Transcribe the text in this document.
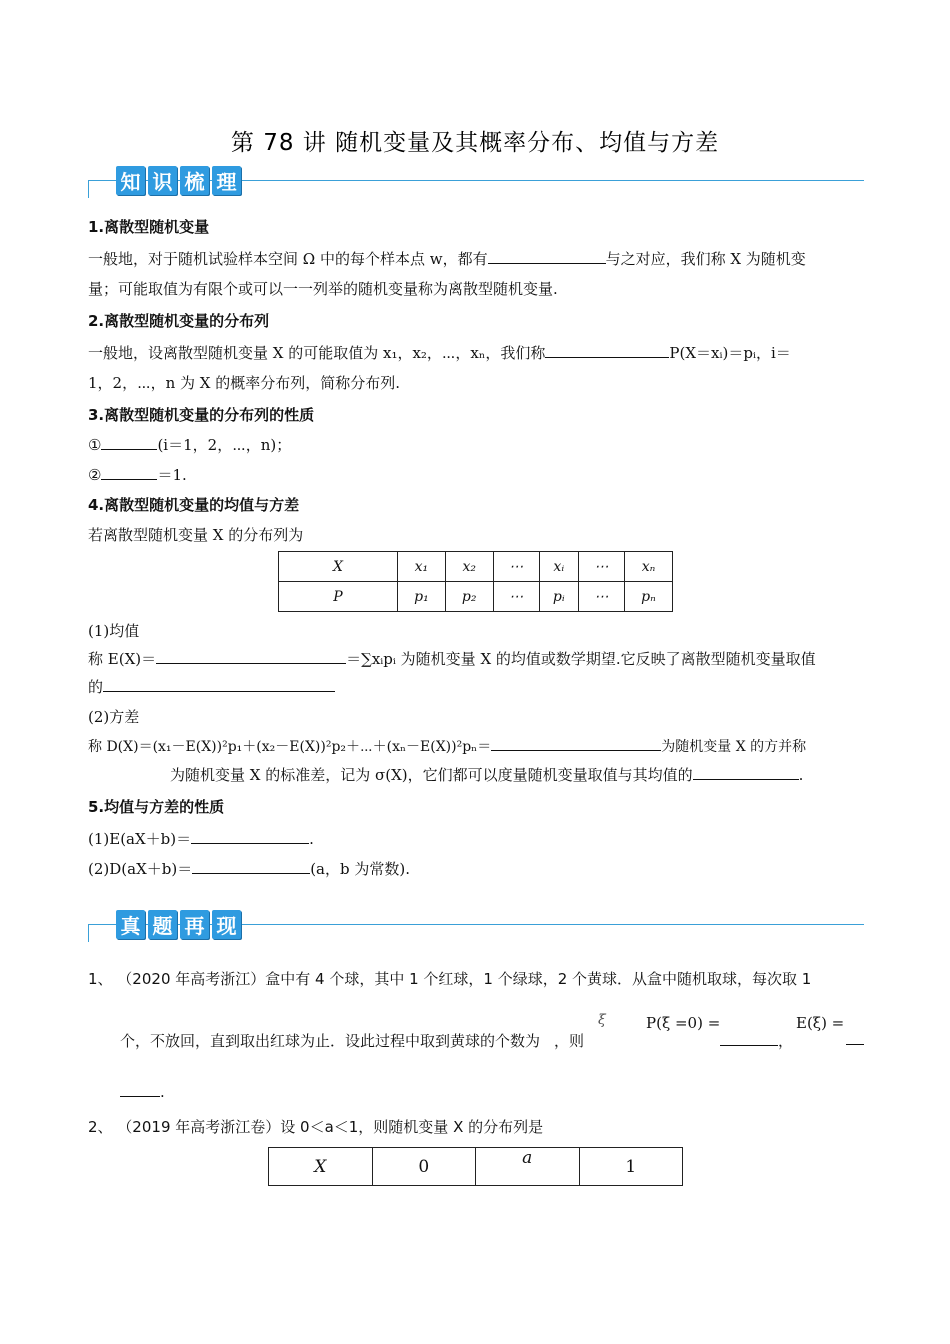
第 78 讲 随机变量及其概率分布、均值与方差
知 识 梳 理
1.离散型随机变量
一般地，对于随机试验样本空间 Ω 中的每个样本点 w，都有	与之对应，我们称 X 为随机变
量；可能取值为有限个或可以一一列举的随机变量称为离散型随机变量.
2.离散型随机变量的分布列
一般地，设离散型随机变量 X 的可能取值为 x₁，x₂，⋯，xₙ，我们称	P(X＝xᵢ)＝pᵢ，i＝
1，2，⋯，n 为 X 的概率分布列，简称分布列.
3.离散型随机变量的分布列的性质
①	(i＝1，2，⋯，n)；
②	＝1.
4.离散型随机变量的均值与方差
若离散型随机变量 X 的分布列为
X	x₁	x₂	⋯	xᵢ	⋯	xₙ
P	p₁	p₂	⋯	pᵢ	⋯	pₙ
(1)均值
称 E(X)＝	＝∑xᵢpᵢ 为随机变量 X 的均值或数学期望.它反映了离散型随机变量取值
的
(2)方差
称 D(X)＝(x₁－E(X))²p₁＋(x₂－E(X))²p₂＋⋯＋(xₙ－E(X))²pₙ＝	为随机变量 X 的方并称
为随机变量 X 的标准差，记为 σ(X)，它们都可以度量随机变量取值与其均值的	.
5.均值与方差的性质
(1)E(aX＋b)＝	.
(2)D(aX＋b)＝	(a，b 为常数).
真 题 再 现
1、 （2020 年高考浙江）盒中有 4 个球，其中 1 个红球，1 个绿球，2 个黄球．从盒中随机取球，每次取 1
ξ
个，不放回，直到取出红球为止．设此过程中取到黄球的个数为 ，则
P(ξ =0) =
，
E(ξ) =
.
2、 （2019 年高考浙江卷）设 0＜a＜1，则随机变量 X 的分布列是
X	0	a	1
